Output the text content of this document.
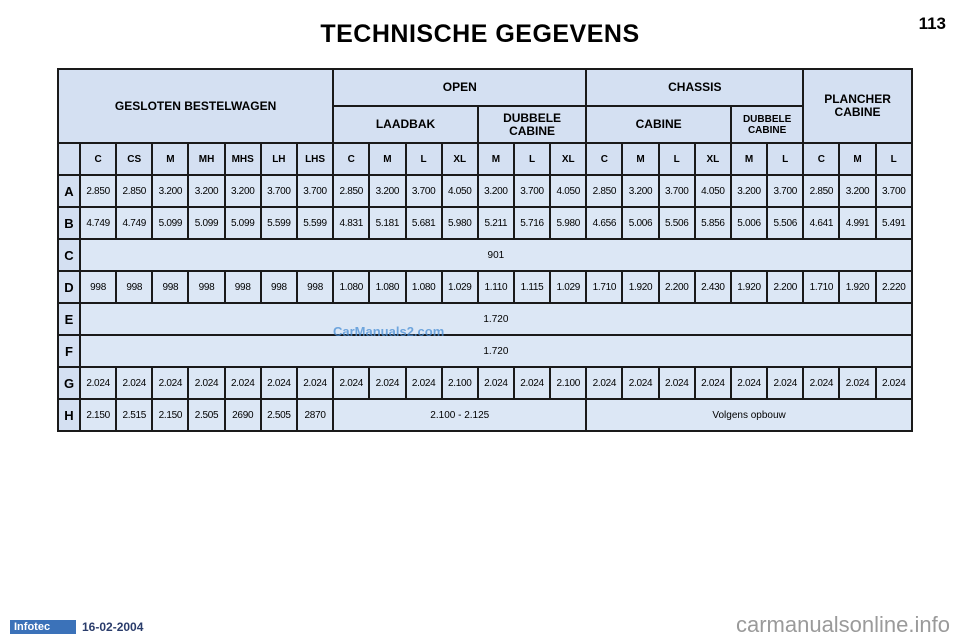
TECHNISCHE GEGEVENS	113
GESLOTEN BESTELWAGEN								OPEN							CHASSIS						PLANCHER CABINE		
								LAADBAK				DUBBELE CABINE			CABINE				DUBBELE CABINE				
	C	CS	M	MH	MHS	LH	LHS	C	M	L	XL	M	L	XL	C	M	L	XL	M	L	C	M	L
A	2.850	2.850	3.200	3.200	3.200	3.700	3.700	2.850	3.200	3.700	4.050	3.200	3.700	4.050	2.850	3.200	3.700	4.050	3.200	3.700	2.850	3.200	3.700
B	4.749	4.749	5.099	5.099	5.099	5.599	5.599	4.831	5.181	5.681	5.980	5.211	5.716	5.980	4.656	5.006	5.506	5.856	5.006	5.506	4.641	4.991	5.491
C	901																						
D	998	998	998	998	998	998	998	1.080	1.080	1.080	1.029	1.110	1.115	1.029	1.710	1.920	2.200	2.430	1.920	2.200	1.710	1.920	2.220
E	1.720																						
F	1.720																						
G	2.024	2.024	2.024	2.024	2.024	2.024	2.024	2.024	2.024	2.024	2.100	2.024	2.024	2.100	2.024	2.024	2.024	2.024	2.024	2.024	2.024	2.024	2.024
H	2.150	2.515	2.150	2.505	2690	2.505	2870	2.100 - 2.125							Volgens opbouw								
CarManuals2.com
Infotec	16-02-2004	carmanualsonline.info
